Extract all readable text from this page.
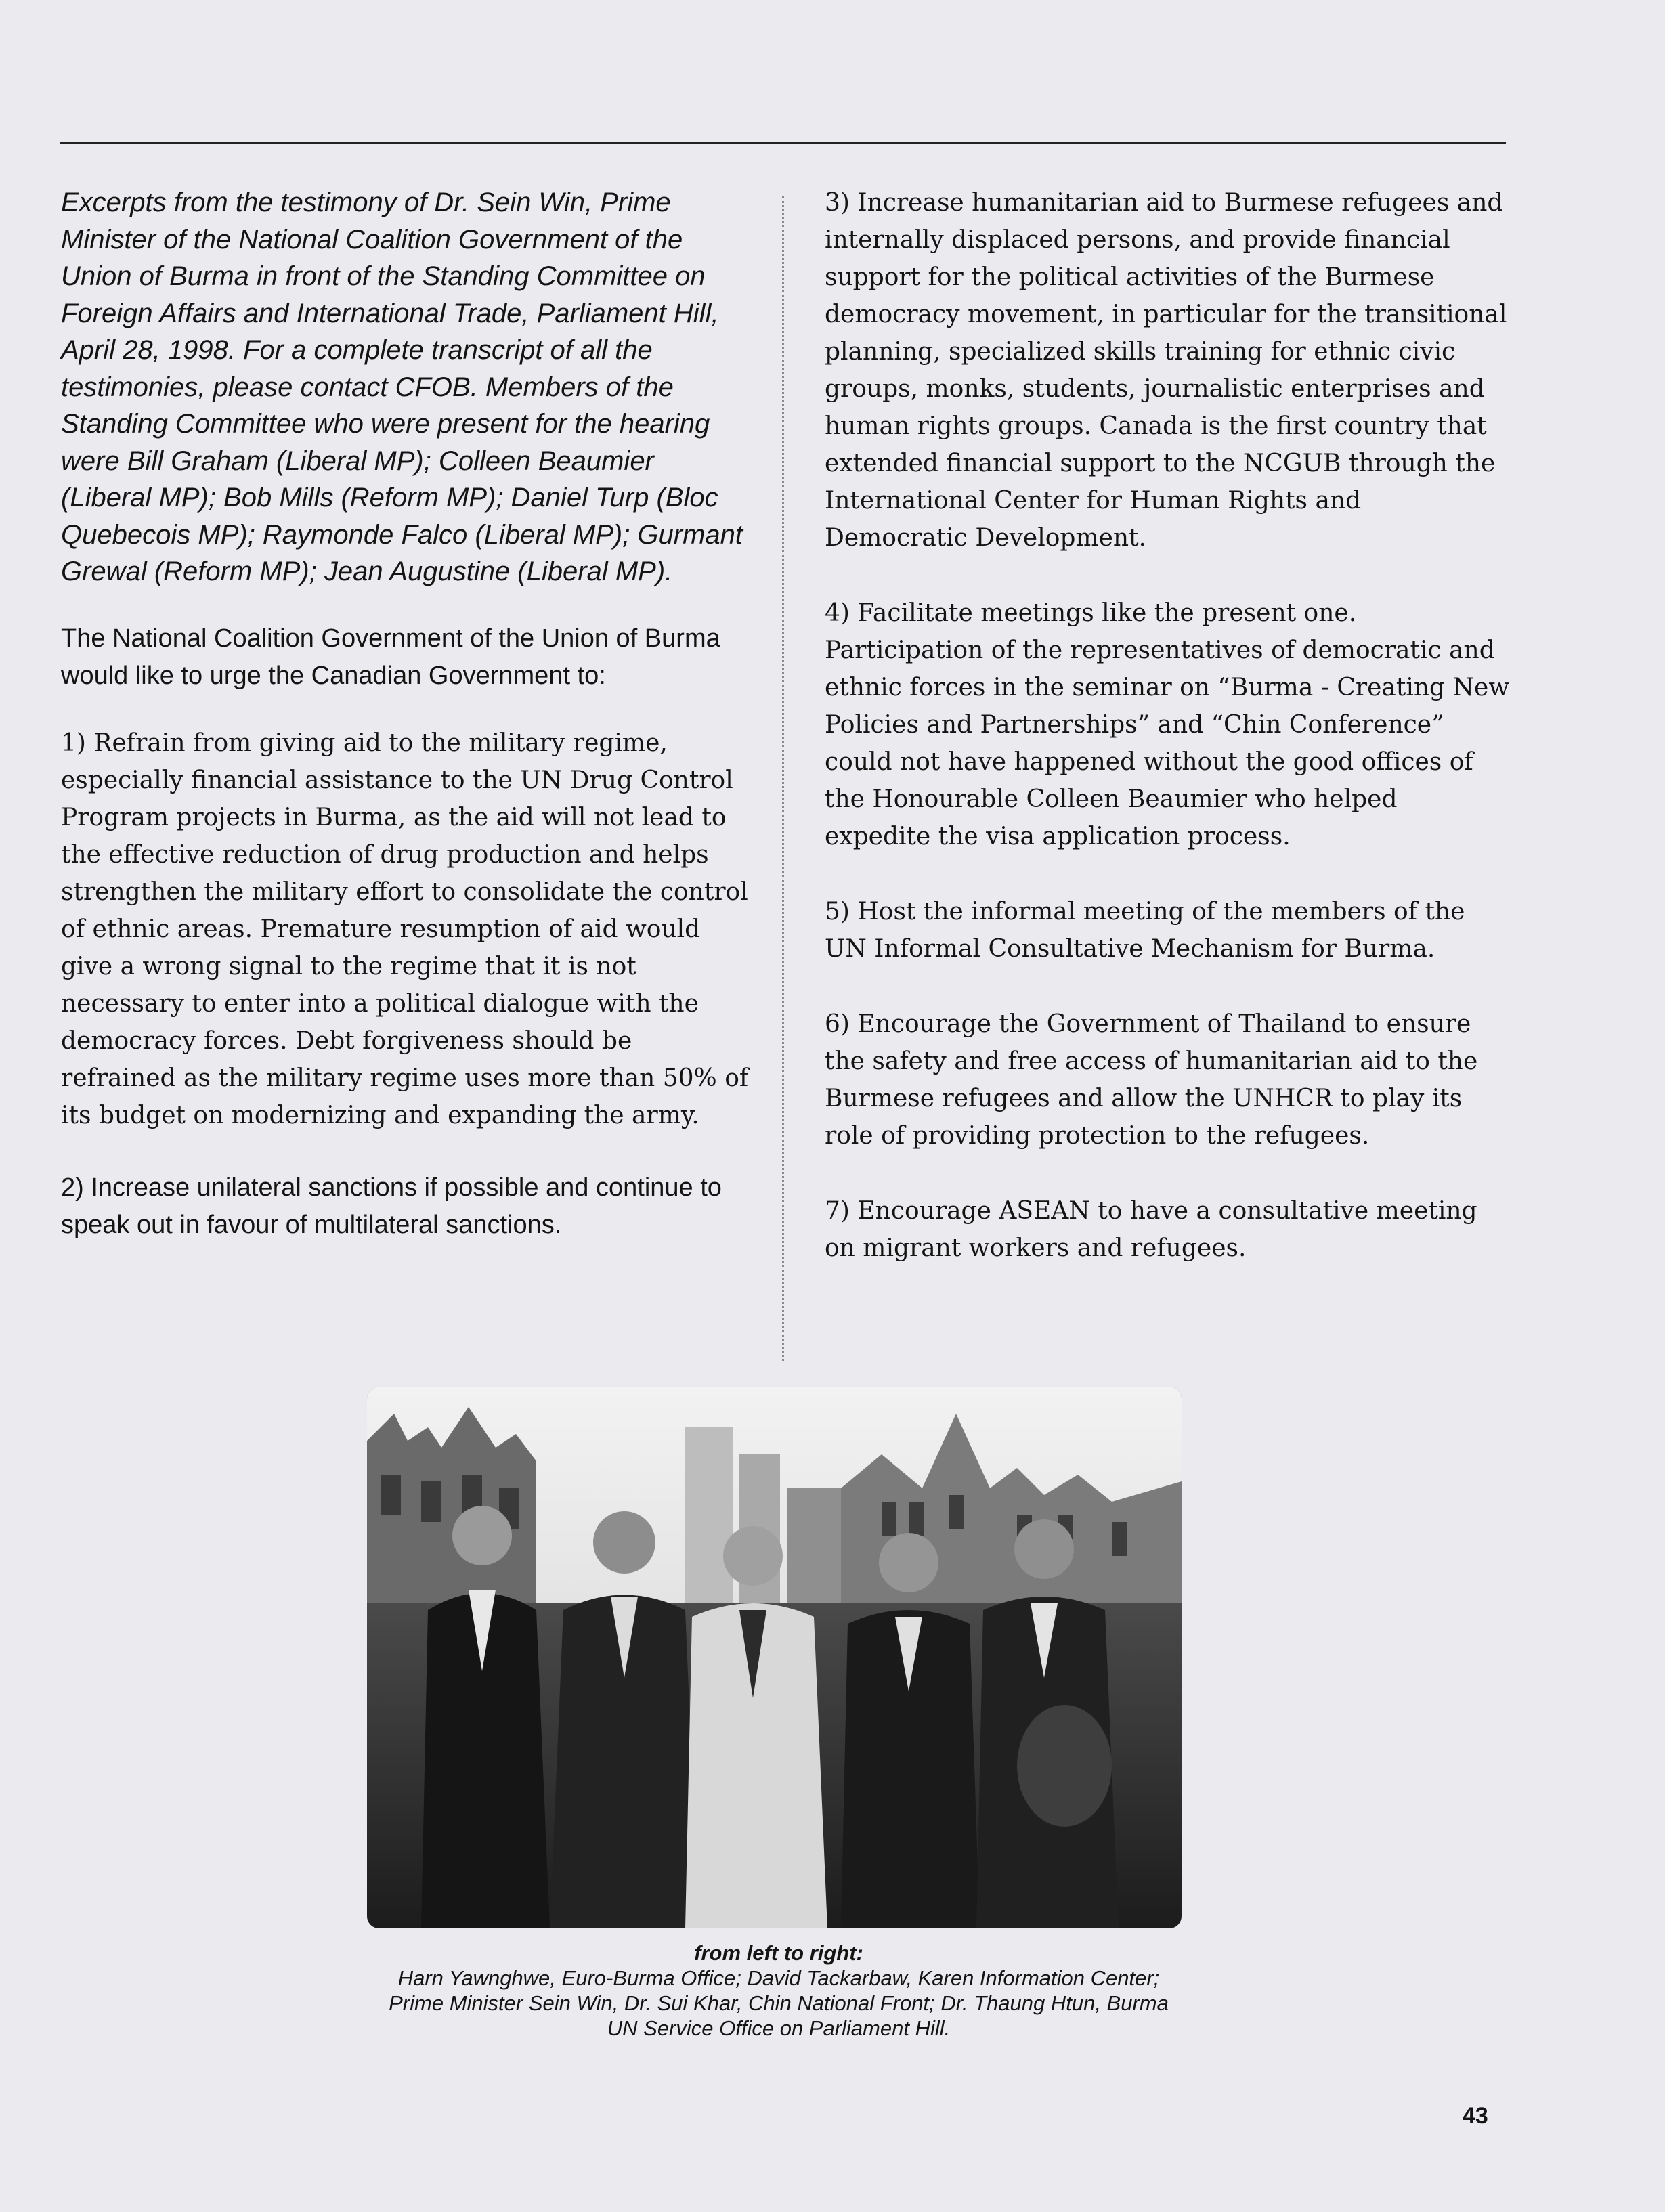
Excerpts from the testimony of Dr. Sein Win, Prime Minister of the National Coalition Government of the Union of Burma in front of the Standing Committee on Foreign Affairs and International Trade, Parliament Hill, April 28, 1998. For a complete transcript of all the testimonies, please contact CFOB. Members of the Standing Committee who were present for the hearing were Bill Graham (Liberal MP); Colleen Beaumier (Liberal MP); Bob Mills (Reform MP); Daniel Turp (Bloc Quebecois MP); Raymonde Falco (Liberal MP); Gurmant Grewal (Reform MP); Jean Augustine (Liberal MP).

The National Coalition Government of the Union of Burma would like to urge the Canadian Government to:

1) Refrain from giving aid to the military regime, especially financial assistance to the UN Drug Control Program projects in Burma, as the aid will not lead to the effective reduction of drug production and helps strengthen the military effort to consolidate the control of ethnic areas. Premature resumption of aid would give a wrong signal to the regime that it is not necessary to enter into a political dialogue with the democracy forces. Debt forgiveness should be refrained as the military regime uses more than 50% of its budget on modernizing and expanding the army.

2) Increase unilateral sanctions if possible and continue to speak out in favour of multilateral sanctions.

3) Increase humanitarian aid to Burmese refugees and internally displaced persons, and provide financial support for the political activities of the Burmese democracy movement, in particular for the transitional planning, specialized skills training for ethnic civic groups, monks, students, journalistic enterprises and human rights groups. Canada is the first country that extended financial support to the NCGUB through the International Center for Human Rights and Democratic Development.

4) Facilitate meetings like the present one. Participation of the representatives of democratic and ethnic forces in the seminar on “Burma - Creating New Policies and Partnerships” and “Chin Conference” could not have happened without the good offices of the Honourable Colleen Beaumier who helped expedite the visa application process.

5) Host the informal meeting of the members of the UN Informal Consultative Mechanism for Burma.

6) Encourage the Government of Thailand to ensure the safety and free access of humanitarian aid to the Burmese refugees and allow the UNHCR to play its role of providing protection to the refugees.

7) Encourage ASEAN to have a consultative meeting on migrant workers and refugees.

from left to right:
Harn Yawnghwe, Euro-Burma Office; David Tackarbaw, Karen Information Center; Prime Minister Sein Win, Dr. Sui Khar, Chin National Front; Dr. Thaung Htun, Burma UN Service Office on Parliament Hill.

43
